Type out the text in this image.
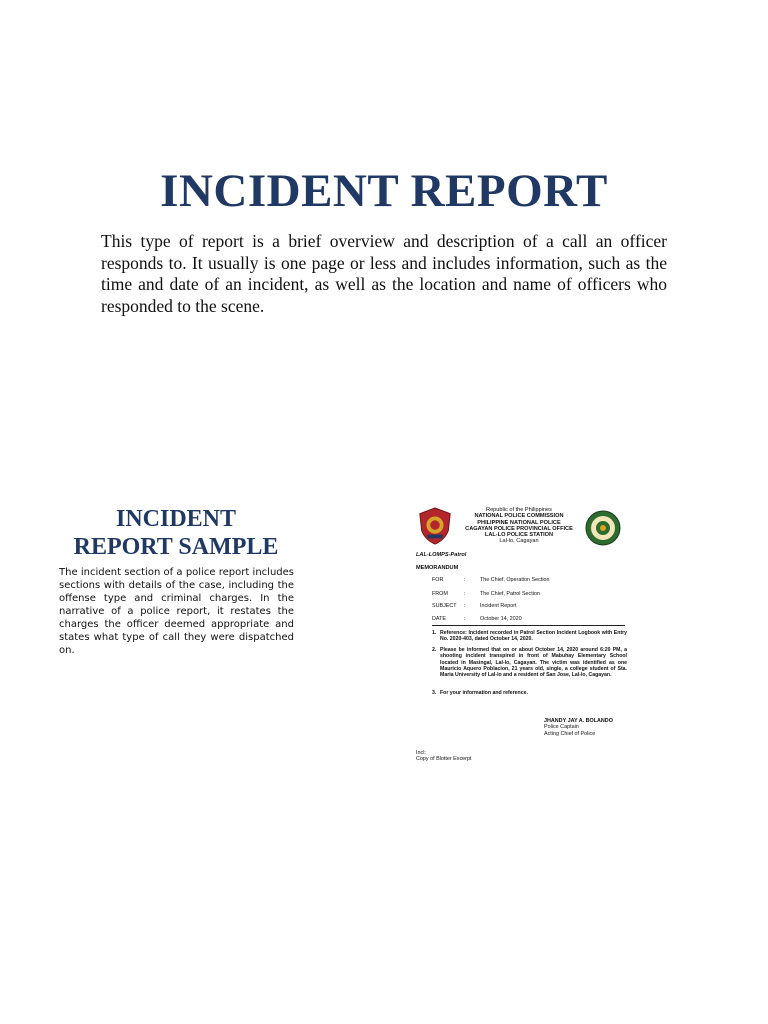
INCIDENT REPORT

This type of report is a brief overview and description of a call an officer responds to. It usually is one page or less and includes information, such as the time and date of an incident, as well as the location and name of officers who responded to the scene.

INCIDENT
REPORT SAMPLE

The incident section of a police report includes sections with details of the case, including the offense type and criminal charges. In the narrative of a police report, it restates the charges the officer deemed appropriate and states what type of call they were dispatched on.

Republic of the Philippines
NATIONAL POLICE COMMISSION
PHILIPPINE NATIONAL POLICE
CAGAYAN POLICE PROVINCIAL OFFICE
LAL-LO POLICE STATION
Lal-lo, Cagayan
LAL-LOMPS-Patrol
MEMORANDUM
FOR	:	The Chief, Operation Section
FROM	:	The Chief, Patrol Section
SUBJECT	:	Incident Report
DATE	:	October 14, 2020
1. Reference: Incident recorded in Patrol Section Incident Logbook with Entry No. 2020-403, dated October 14, 2020.
2. Please be informed that on or about October 14, 2020 around 6:20 PM, a shooting incident transpired in front of Mabuhay Elementary School located in Masingal, Lal-lo, Cagayan. The victim was identified as one Mauricio Aquero Poblacion, 21 years old, single, a college student of Sta. Maria University of Lal-lo and a resident of San Jose, Lal-lo, Cagayan.
3. For your information and reference.
JHANDY JAY A. BOLANDO
Police Captain
Acting Chief of Police
Incl:
Copy of Blotter Excerpt
